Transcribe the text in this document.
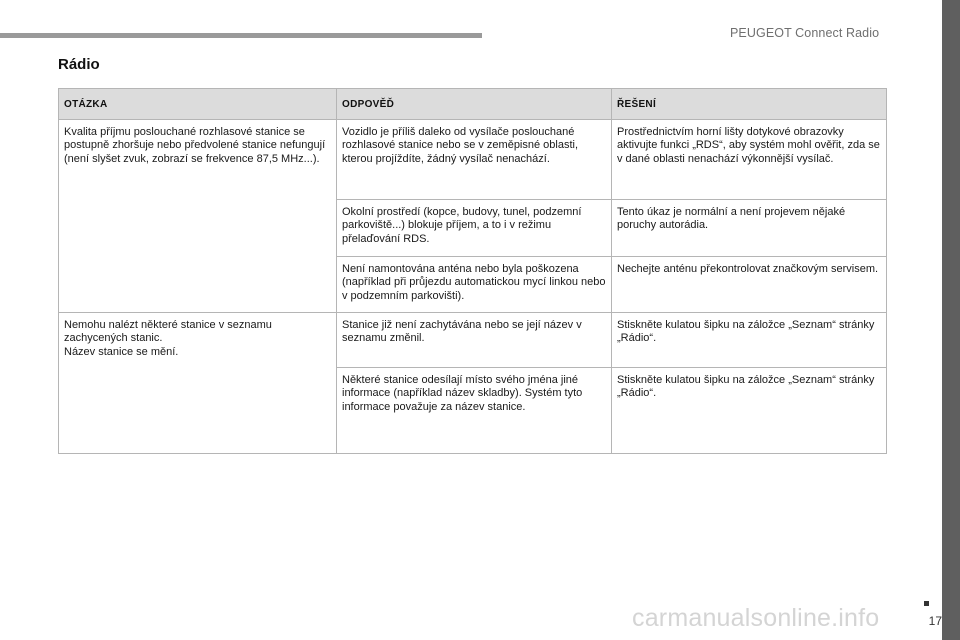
PEUGEOT Connect Radio
17
Rádio
OTÁZKA	ODPOVĚĎ	ŘEŠENÍ
Kvalita příjmu poslouchané rozhlasové stanice se postupně zhoršuje nebo předvolené stanice nefungují (není slyšet zvuk, zobrazí se frekvence 87,5 MHz...).	Vozidlo je příliš daleko od vysílače poslouchané rozhlasové stanice nebo se v zeměpisné oblasti, kterou projíždíte, žádný vysílač nenachází.	Prostřednictvím horní lišty dotykové obrazovky aktivujte funkci „RDS“, aby systém mohl ověřit, zda se v dané oblasti nenachází výkonnější vysílač.
	Okolní prostředí (kopce, budovy, tunel, podzemní parkoviště...) blokuje příjem, a to i v režimu přelaďování RDS.	Tento úkaz je normální a není projevem nějaké poruchy autorádia.
	Není namontována anténa nebo byla poškozena (například při průjezdu automatickou mycí linkou nebo v podzemním parkovišti).	Nechejte anténu překontrolovat značkovým servisem.

Nemohu nalézt některé stanice v seznamu zachycených stanic.
Název stanice se mění.	Stanice již není zachytávána nebo se její název v seznamu změnil.	Stiskněte kulatou šipku na záložce „Seznam“ stránky „Rádio“.
	Některé stanice odesílají místo svého jména jiné informace (například název skladby). Systém tyto informace považuje za název stanice.	Stiskněte kulatou šipku na záložce „Seznam“ stránky „Rádio“.
carmanualsonline.info
